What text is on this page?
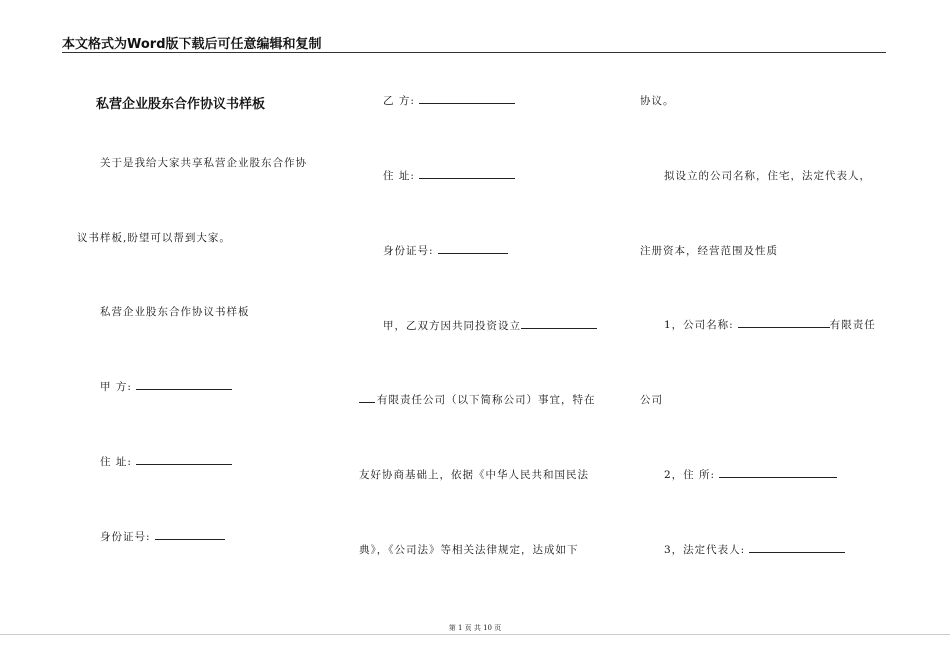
本文格式为Word版下载后可任意编辑和复制
私营企业股东合作协议书样板
关于是我给大家共享私营企业股东合作协
议书样板,盼望可以帮到大家。
私营企业股东合作协议书样板
甲 方:
住 址:
身份证号:
乙 方:
住 址:
身份证号:
甲，乙双方因共同投资设立
有限责任公司（以下简称公司）事宜，特在
友好协商基础上，依据《中华人民共和国民法
典》，《公司法》等相关法律规定，达成如下
协议。
拟设立的公司名称，住宅，法定代表人，
注册资本，经营范围及性质
1，公司名称:	有限责任
公司
2，住 所:
3，法定代表人:
第 1 页 共 10 页
